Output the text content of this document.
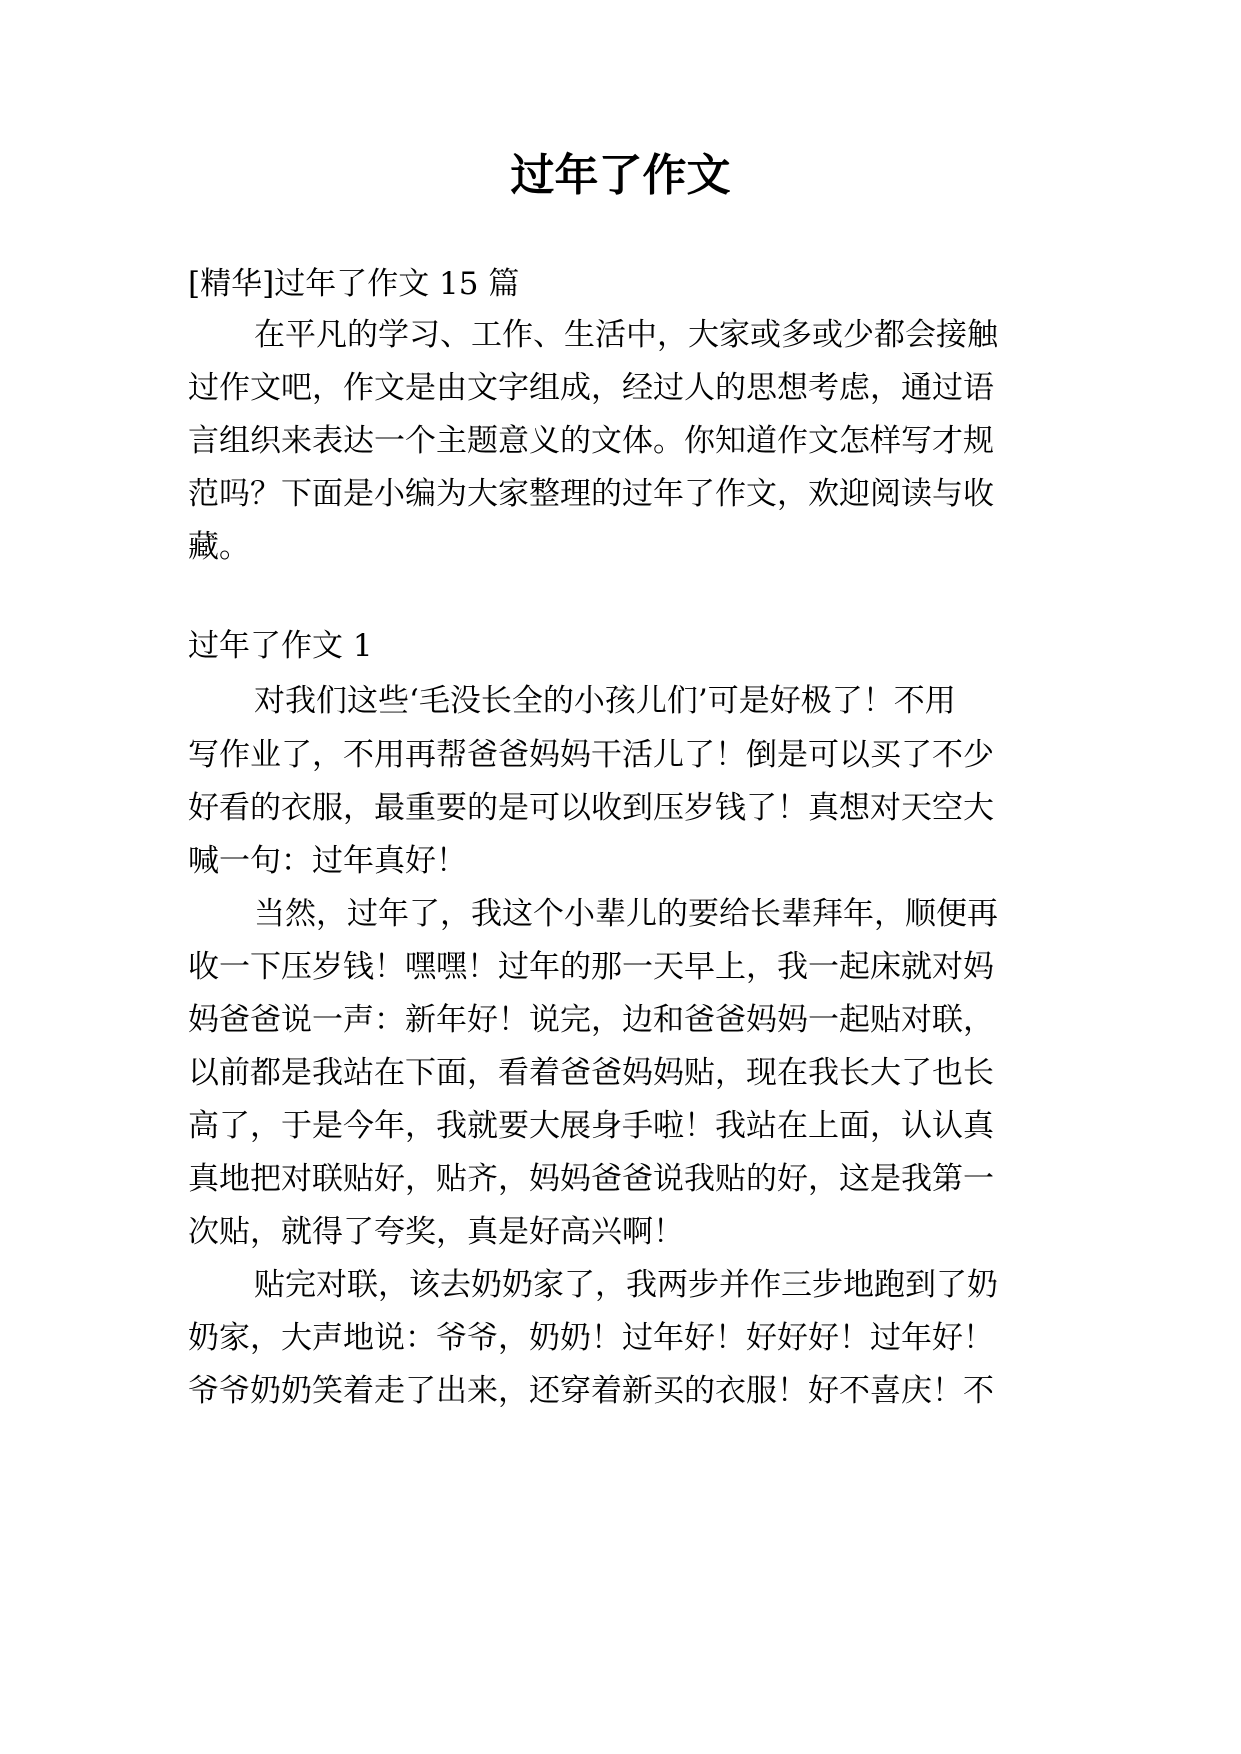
过年了作文
[精华]过年了作文 15 篇
在平凡的学习、工作、生活中，大家或多或少都会接触
过作文吧，作文是由文字组成，经过人的思想考虑，通过语
言组织来表达一个主题意义的文体。你知道作文怎样写才规
范吗？下面是小编为大家整理的过年了作文，欢迎阅读与收
藏。
过年了作文 1
对我们这些‘毛没长全的小孩儿们’可是好极了！不用
写作业了，不用再帮爸爸妈妈干活儿了！倒是可以买了不少
好看的衣服，最重要的是可以收到压岁钱了！真想对天空大
喊一句：过年真好！
当然，过年了，我这个小辈儿的要给长辈拜年，顺便再
收一下压岁钱！嘿嘿！过年的那一天早上，我一起床就对妈
妈爸爸说一声：新年好！说完，边和爸爸妈妈一起贴对联，
以前都是我站在下面，看着爸爸妈妈贴，现在我长大了也长
高了，于是今年，我就要大展身手啦！我站在上面，认认真
真地把对联贴好，贴齐，妈妈爸爸说我贴的好，这是我第一
次贴，就得了夸奖，真是好高兴啊！
贴完对联，该去奶奶家了，我两步并作三步地跑到了奶
奶家，大声地说：爷爷，奶奶！过年好！好好好！过年好！
爷爷奶奶笑着走了出来，还穿着新买的衣服！好不喜庆！不
